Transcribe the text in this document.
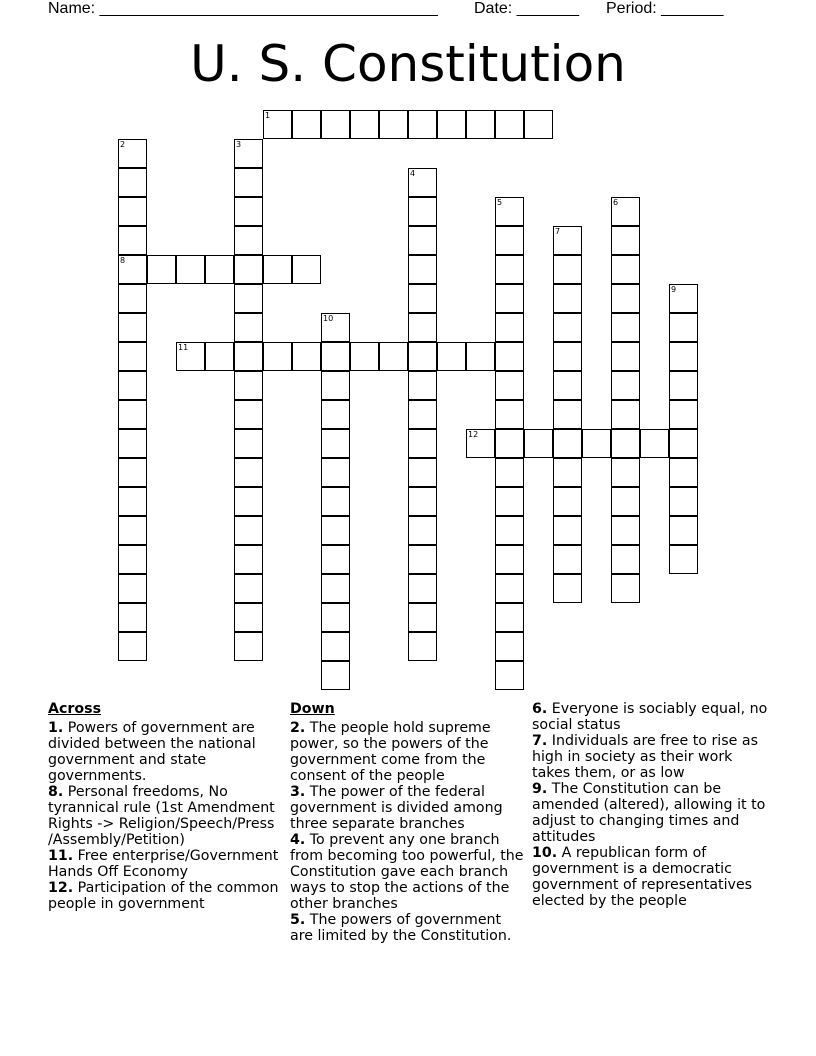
Name: ______________________________________ Date: _______ Period: _______
U. S. Constitution
1
2	3
4
5	6
7
8
9
10
11
12
Across
1. Powers of government are divided between the national government and state governments.
8. Personal freedoms, No tyrannical rule (1st Amendment Rights -> Religion/Speech/Press /Assembly/Petition)
11. Free enterprise/Government Hands Off Economy
12. Participation of the common people in government
Down
2. The people hold supreme power, so the powers of the government come from the consent of the people
3. The power of the federal government is divided among three separate branches
4. To prevent any one branch from becoming too powerful, the Constitution gave each branch ways to stop the actions of the other branches
5. The powers of government are limited by the Constitution.
6. Everyone is sociably equal, no social status
7. Individuals are free to rise as high in society as their work takes them, or as low
9. The Constitution can be amended (altered), allowing it to adjust to changing times and attitudes
10. A republican form of government is a democratic government of representatives elected by the people
